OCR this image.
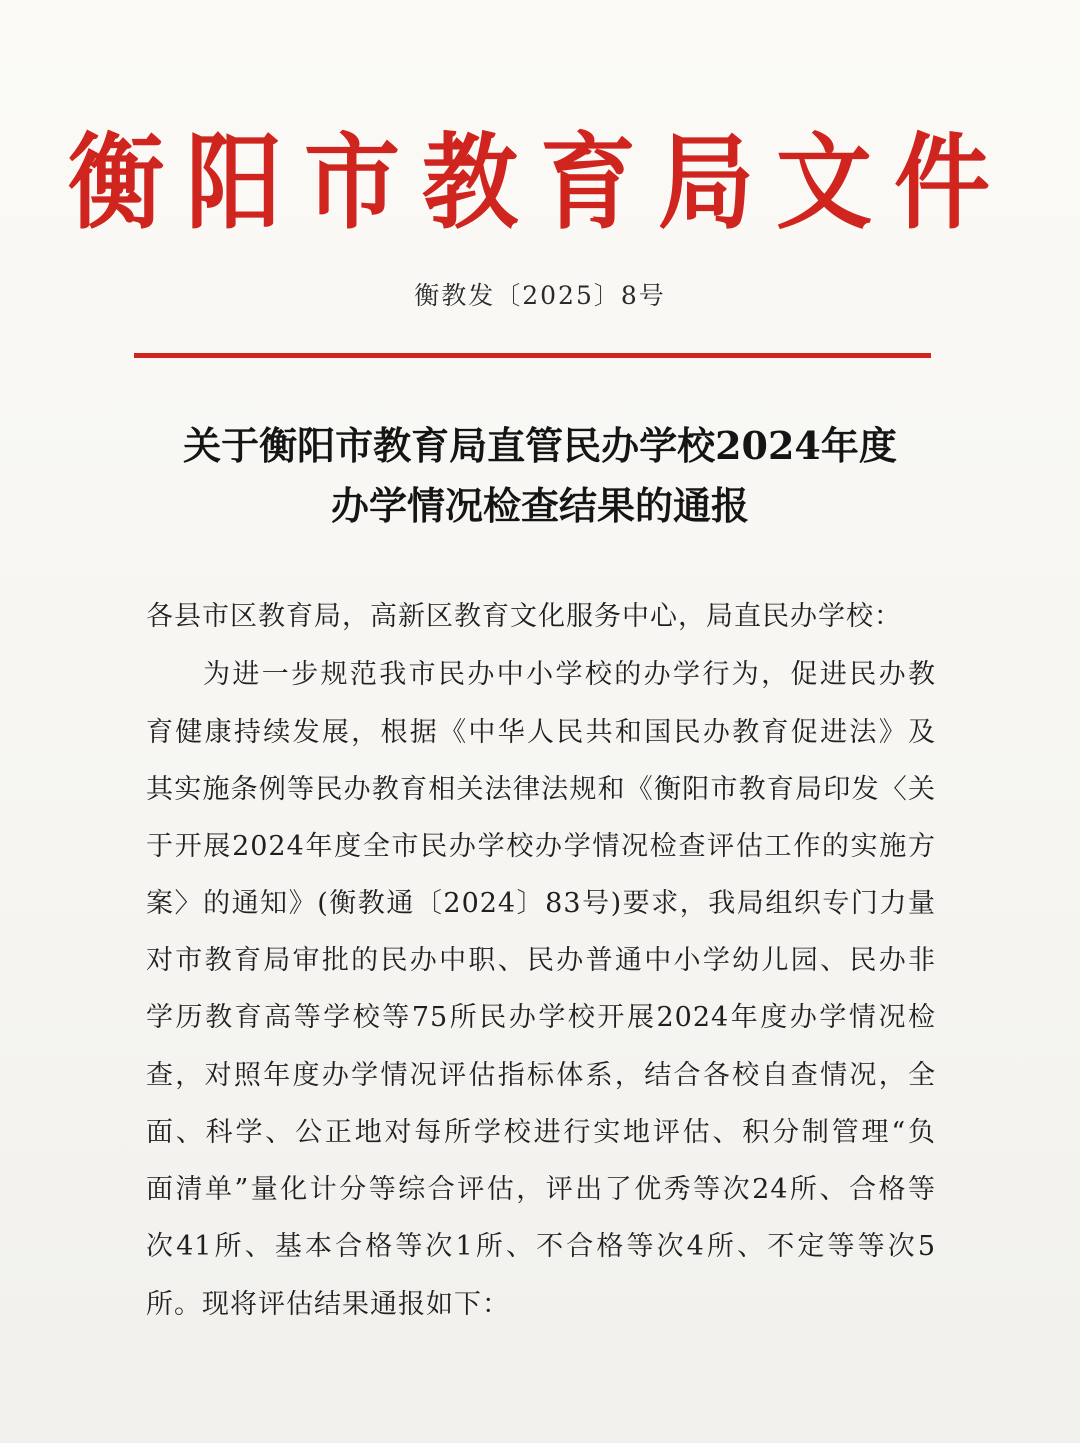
衡阳市教育局文件
衡教发〔2025〕8号
关于衡阳市教育局直管民办学校2024年度
办学情况检查结果的通报
各县市区教育局，高新区教育文化服务中心，局直民办学校：
为进一步规范我市民办中小学校的办学行为，促进民办教
育健康持续发展，根据《中华人民共和国民办教育促进法》及
其实施条例等民办教育相关法律法规和《衡阳市教育局印发〈关
于开展2024年度全市民办学校办学情况检查评估工作的实施方
案〉的通知》(衡教通〔2024〕83号)要求，我局组织专门力量
对市教育局审批的民办中职、民办普通中小学幼儿园、民办非
学历教育高等学校等75所民办学校开展2024年度办学情况检
查，对照年度办学情况评估指标体系，结合各校自查情况，全
面、科学、公正地对每所学校进行实地评估、积分制管理“负
面清单”量化计分等综合评估，评出了优秀等次24所、合格等
次41所、基本合格等次1所、不合格等次4所、不定等等次5
所。现将评估结果通报如下：
